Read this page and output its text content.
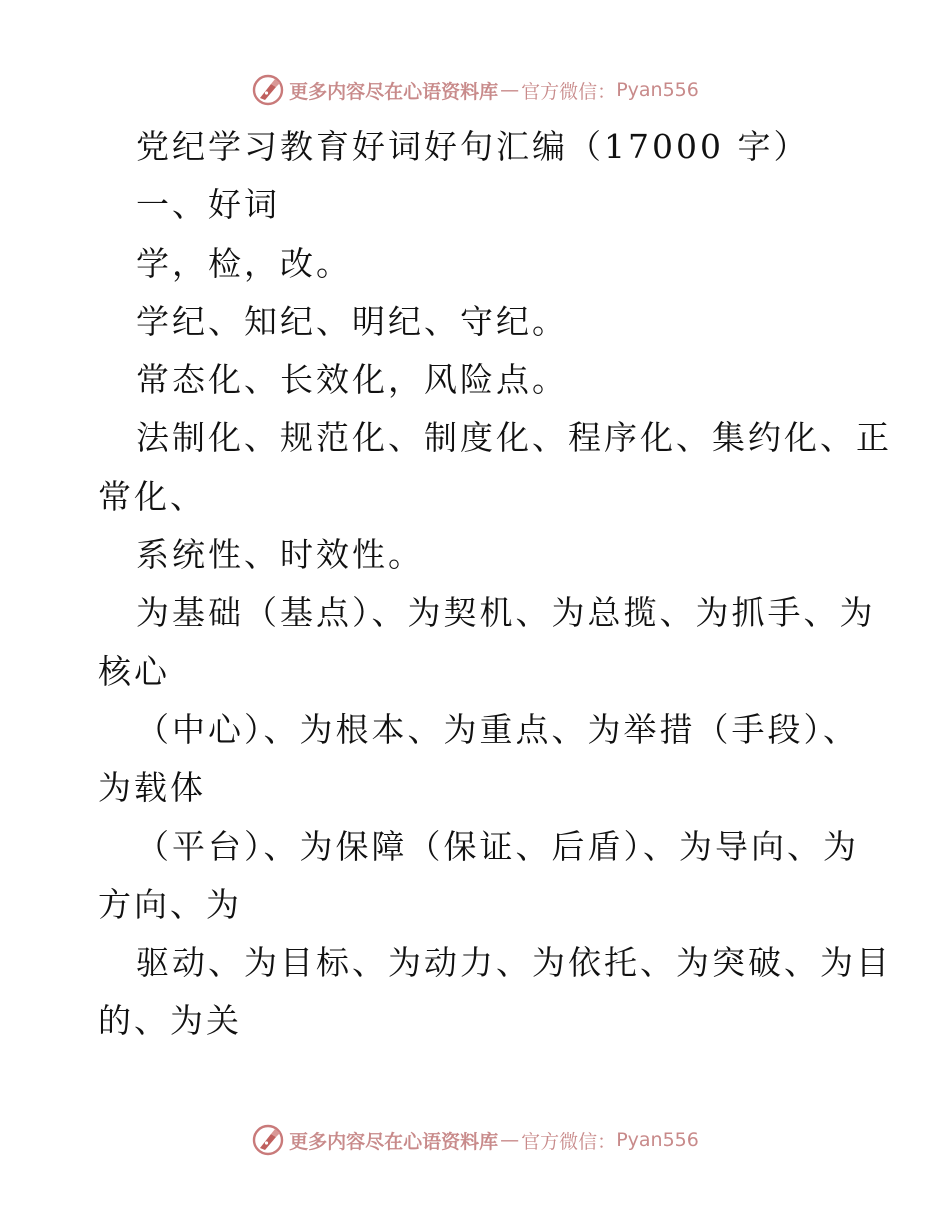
更多内容尽在心语资料库 — 官方微信： Pyan556
党纪学习教育好词好句汇编（17000 字）
一、好词
学，检，改。
学纪、知纪、明纪、守纪。
常态化、长效化，风险点。
法制化、规范化、制度化、程序化、集约化、正
常化、
系统性、时效性。
为基础（基点）、为契机、为总揽、为抓手、为
核心
（中心）、为根本、为重点、为举措（手段）、
为载体
（平台）、为保障（保证、后盾）、为导向、为
方向、为
驱动、为目标、为动力、为依托、为突破、为目
的、为关
更多内容尽在心语资料库 — 官方微信： Pyan556
